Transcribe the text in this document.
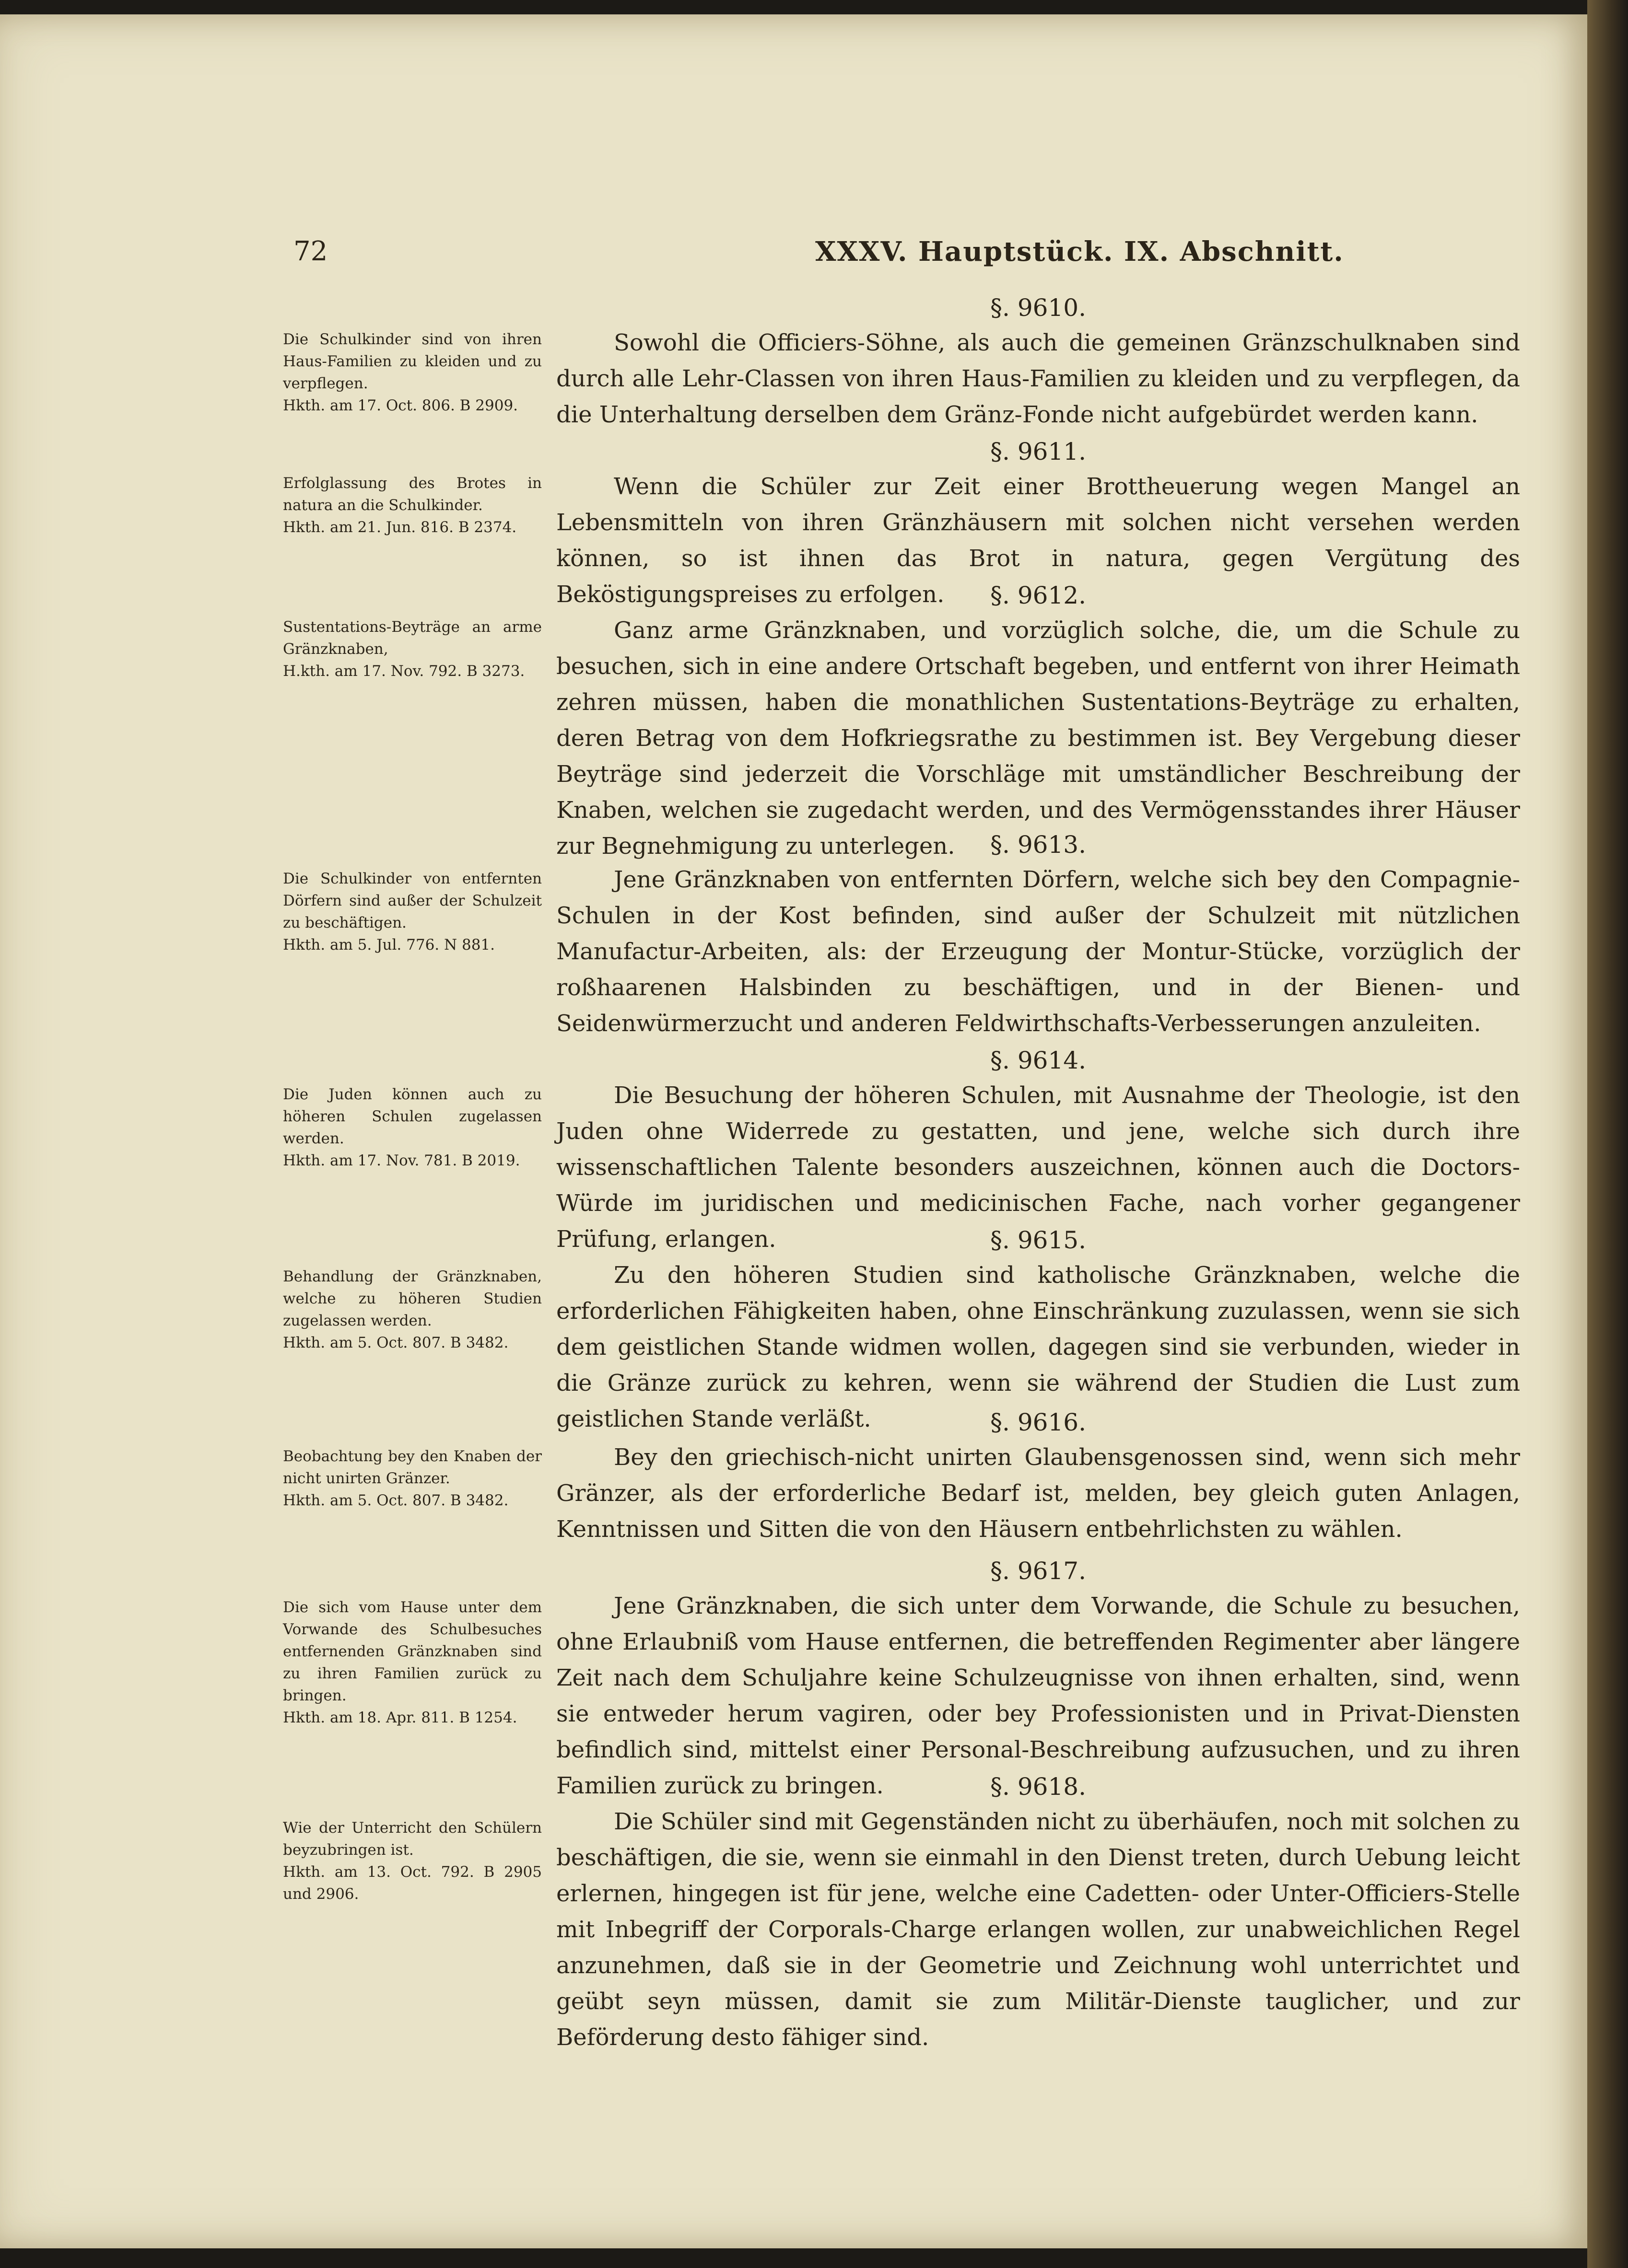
72	XXXV. Hauptstück. IX. Abschnitt.
Die Schulkinder sind von ihren Haus-Familien zu kleiden und zu verpflegen.
Hkth. am 17. Oct. 806. B 2909.
§. 9610.
Sowohl die Officiers-Söhne, als auch die gemeinen Gränzschulknaben sind durch alle Lehr-Classen von ihren Haus-Familien zu kleiden und zu verpflegen, da die Unterhaltung derselben dem Gränz-Fonde nicht aufgebürdet werden kann.
Erfolglassung des Brotes in natura an die Schulkinder.
Hkth. am 21. Jun. 816. B 2374.
§. 9611.
Wenn die Schüler zur Zeit einer Brottheuerung wegen Mangel an Lebensmitteln von ihren Gränzhäusern mit solchen nicht versehen werden können, so ist ihnen das Brot in natura, gegen Vergütung des Beköstigungspreises zu erfolgen.
Sustentations-Beyträge an arme Gränzknaben,
H.kth. am 17. Nov. 792. B 3273.
§. 9612.
Ganz arme Gränzknaben, und vorzüglich solche, die, um die Schule zu besuchen, sich in eine andere Ortschaft begeben, und entfernt von ihrer Heimath zehren müssen, haben die monathlichen Sustentations-Beyträge zu erhalten, deren Betrag von dem Hofkriegsrathe zu bestimmen ist. Bey Vergebung dieser Beyträge sind jederzeit die Vorschläge mit umständlicher Beschreibung der Knaben, welchen sie zugedacht werden, und des Vermögensstandes ihrer Häuser zur Begnehmigung zu unterlegen.
Die Schulkinder von entfernten Dörfern sind außer der Schulzeit zu beschäftigen.
Hkth. am 5. Jul. 776. N 881.
§. 9613.
Jene Gränzknaben von entfernten Dörfern, welche sich bey den Compagnie-Schulen in der Kost befinden, sind außer der Schulzeit mit nützlichen Manufactur-Arbeiten, als: der Erzeugung der Montur-Stücke, vorzüglich der roßhaarenen Halsbinden zu beschäftigen, und in der Bienen- und Seidenwürmerzucht und anderen Feldwirthschafts-Verbesserungen anzuleiten.
Die Juden können auch zu höheren Schulen zugelassen werden.
Hkth. am 17. Nov. 781. B 2019.
§. 9614.
Die Besuchung der höheren Schulen, mit Ausnahme der Theologie, ist den Juden ohne Widerrede zu gestatten, und jene, welche sich durch ihre wissenschaftlichen Talente besonders auszeichnen, können auch die Doctors-Würde im juridischen und medicinischen Fache, nach vorher gegangener Prüfung, erlangen.
Behandlung der Gränzknaben, welche zu höheren Studien zugelassen werden.
Hkth. am 5. Oct. 807. B 3482.
§. 9615.
Zu den höheren Studien sind katholische Gränzknaben, welche die erforderlichen Fähigkeiten haben, ohne Einschränkung zuzulassen, wenn sie sich dem geistlichen Stande widmen wollen, dagegen sind sie verbunden, wieder in die Gränze zurück zu kehren, wenn sie während der Studien die Lust zum geistlichen Stande verläßt.
Beobachtung bey den Knaben der nicht unirten Gränzer.
Hkth. am 5. Oct. 807. B 3482.
§. 9616.
Bey den griechisch-nicht unirten Glaubensgenossen sind, wenn sich mehr Gränzer, als der erforderliche Bedarf ist, melden, bey gleich guten Anlagen, Kenntnissen und Sitten die von den Häusern entbehrlichsten zu wählen.
Die sich vom Hause unter dem Vorwande des Schulbesuches entfernenden Gränzknaben sind zu ihren Familien zurück zu bringen.
Hkth. am 18. Apr. 811. B 1254.
§. 9617.
Jene Gränzknaben, die sich unter dem Vorwande, die Schule zu besuchen, ohne Erlaubniß vom Hause entfernen, die betreffenden Regimenter aber längere Zeit nach dem Schuljahre keine Schulzeugnisse von ihnen erhalten, sind, wenn sie entweder herum vagiren, oder bey Professionisten und in Privat-Diensten befindlich sind, mittelst einer Personal-Beschreibung aufzusuchen, und zu ihren Familien zurück zu bringen.
Wie der Unterricht den Schülern beyzubringen ist.
Hkth. am 13. Oct. 792. B 2905 und 2906.
§. 9618.
Die Schüler sind mit Gegenständen nicht zu überhäufen, noch mit solchen zu beschäftigen, die sie, wenn sie einmahl in den Dienst treten, durch Uebung leicht erlernen, hingegen ist für jene, welche eine Cadetten- oder Unter-Officiers-Stelle mit Inbegriff der Corporals-Charge erlangen wollen, zur unabweichlichen Regel anzunehmen, daß sie in der Geometrie und Zeichnung wohl unterrichtet und geübt seyn müssen, damit sie zum Militär-Dienste tauglicher, und zur Beförderung desto fähiger sind.
